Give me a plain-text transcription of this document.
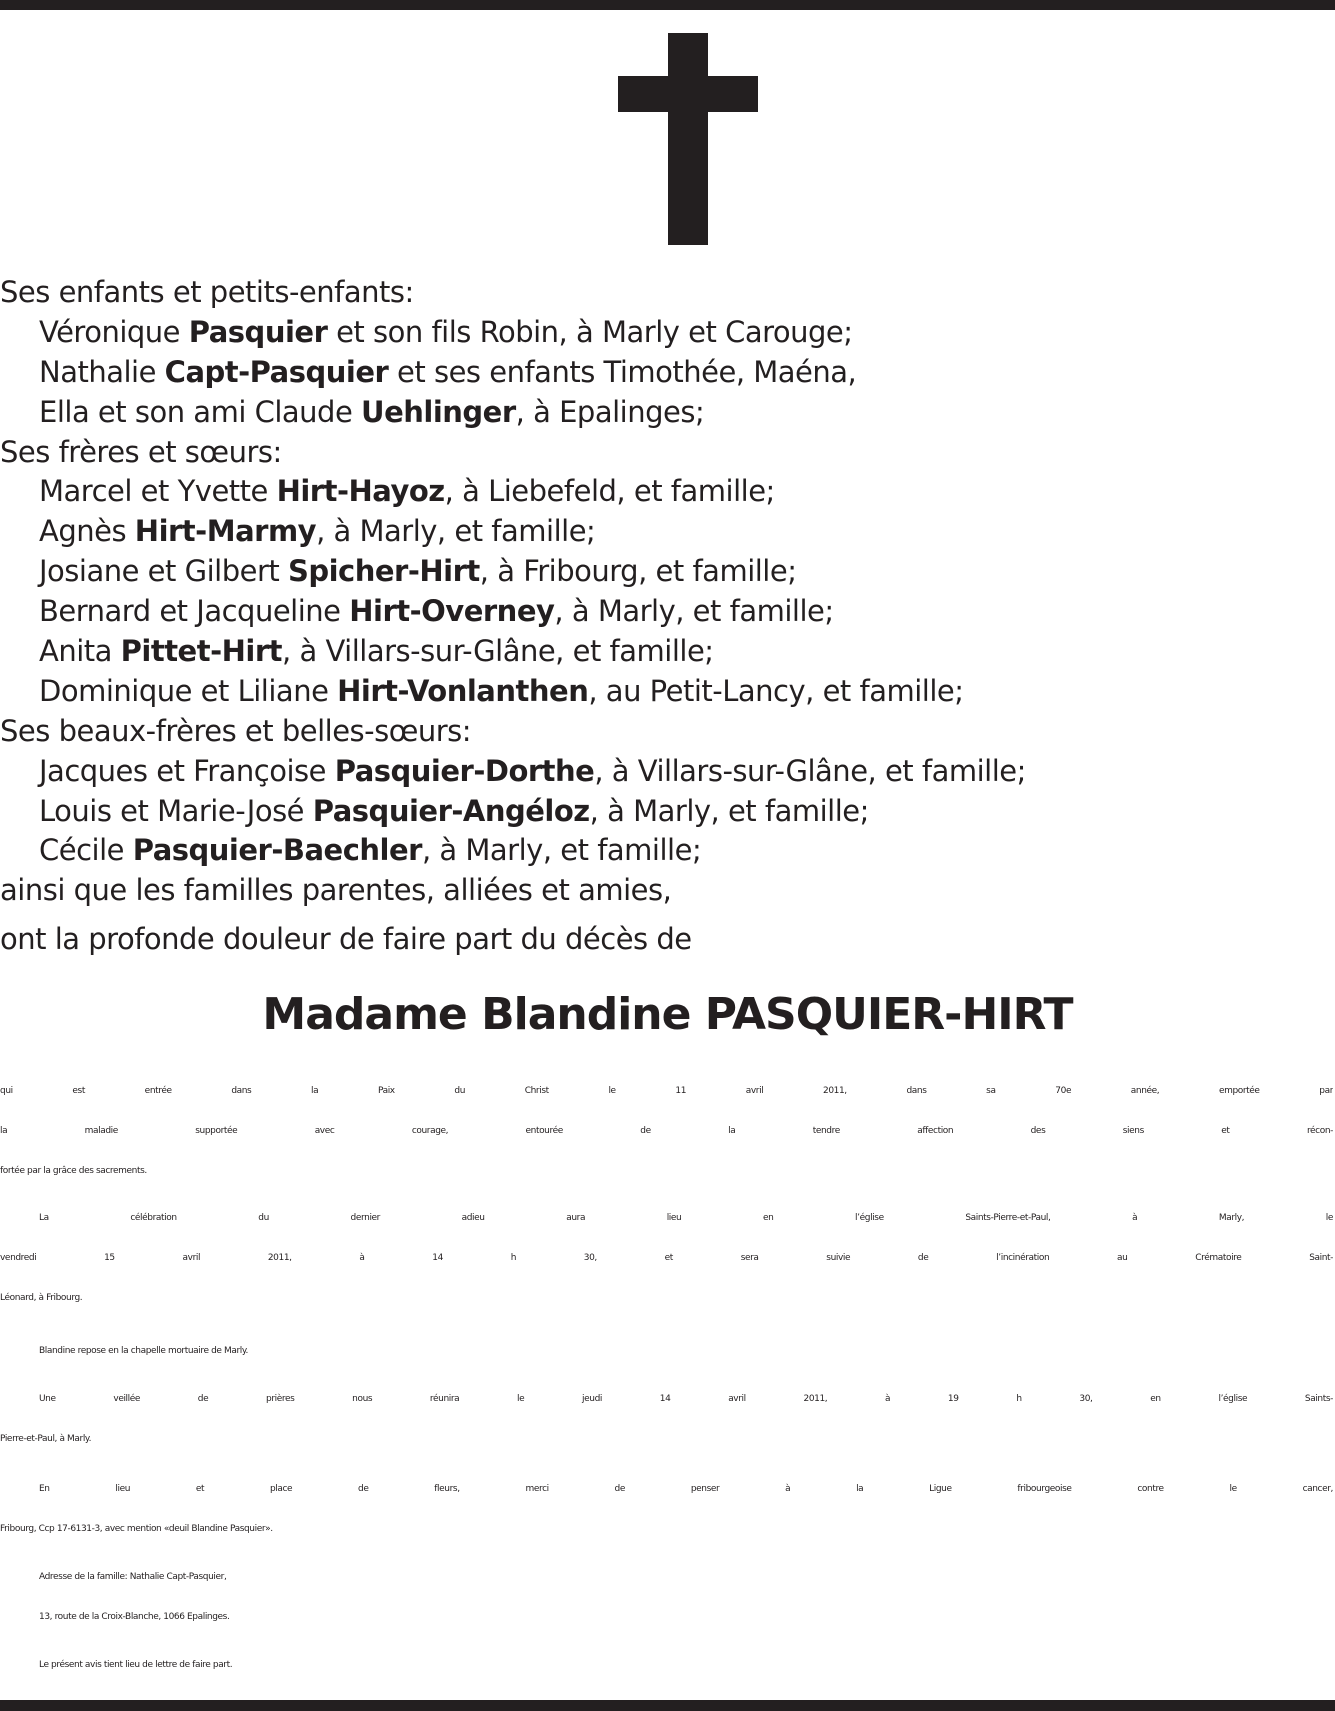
Ses enfants et petits-enfants:
Véronique Pasquier et son fils Robin, à Marly et Carouge;
Nathalie Capt-Pasquier et ses enfants Timothée, Maéna,
Ella et son ami Claude Uehlinger, à Epalinges;
Ses frères et sœurs:
Marcel et Yvette Hirt-Hayoz, à Liebefeld, et famille;
Agnès Hirt-Marmy, à Marly, et famille;
Josiane et Gilbert Spicher-Hirt, à Fribourg, et famille;
Bernard et Jacqueline Hirt-Overney, à Marly, et famille;
Anita Pittet-Hirt, à Villars-sur-Glâne, et famille;
Dominique et Liliane Hirt-Vonlanthen, au Petit-Lancy, et famille;
Ses beaux-frères et belles-sœurs:
Jacques et Françoise Pasquier-Dorthe, à Villars-sur-Glâne, et famille;
Louis et Marie-José Pasquier-Angéloz, à Marly, et famille;
Cécile Pasquier-Baechler, à Marly, et famille;
ainsi que les familles parentes, alliées et amies,
ont la profonde douleur de faire part du décès de
Madame Blandine PASQUIER-HIRT
qui est entrée dans la Paix du Christ le 11 avril 2011, dans sa 70e année, emportée par
la maladie supportée avec courage, entourée de la tendre affection des siens et récon-
fortée par la grâce des sacrements.
La célébration du dernier adieu aura lieu en l’église Saints-Pierre-et-Paul, à Marly, le
vendredi 15 avril 2011, à 14 h 30, et sera suivie de l’incinération au Crématoire Saint-
Léonard, à Fribourg.
Blandine repose en la chapelle mortuaire de Marly.
Une veillée de prières nous réunira le jeudi 14 avril 2011, à 19 h 30, en l’église Saints-
Pierre-et-Paul, à Marly.
En lieu et place de fleurs, merci de penser à la Ligue fribourgeoise contre le cancer,
Fribourg, Ccp 17-6131-3, avec mention «deuil Blandine Pasquier».
Adresse de la famille: Nathalie Capt-Pasquier,
13, route de la Croix-Blanche, 1066 Epalinges.
Le présent avis tient lieu de lettre de faire part.
